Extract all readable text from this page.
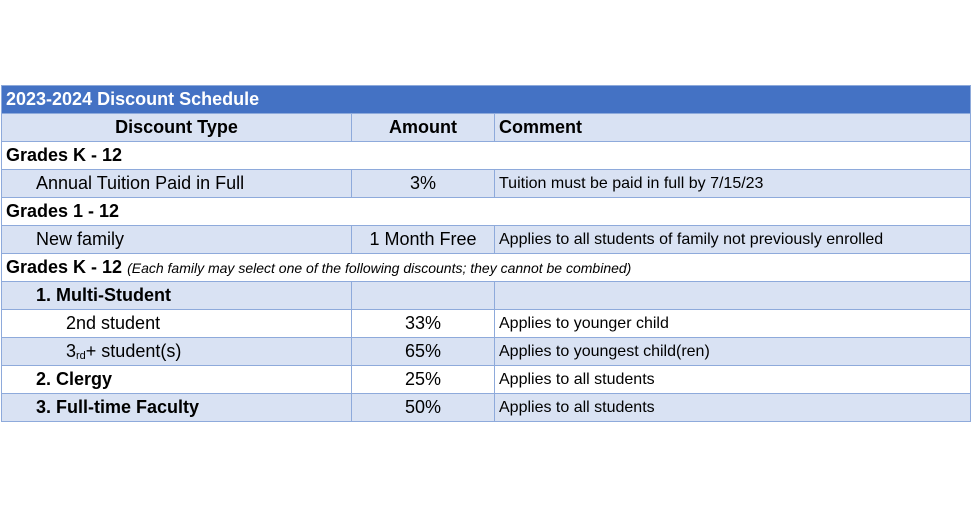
2023-2024 Discount Schedule		
Discount Type	Amount	Comment
Grades K - 12		
Annual Tuition Paid in Full	3%	Tuition must be paid in full by 7/15/23
Grades 1 - 12		
New family	1 Month Free	Applies to all students of family not previously enrolled
Grades K - 12 (Each family may select one of the following discounts; they cannot be combined)		
1. Multi-Student		
2nd student	33%	Applies to younger child
$3_{rd}+$ student(s)	65%	Applies to youngest child(ren)
2. Clergy	25%	Applies to all students
3. Full-time Faculty	50%	Applies to all students
